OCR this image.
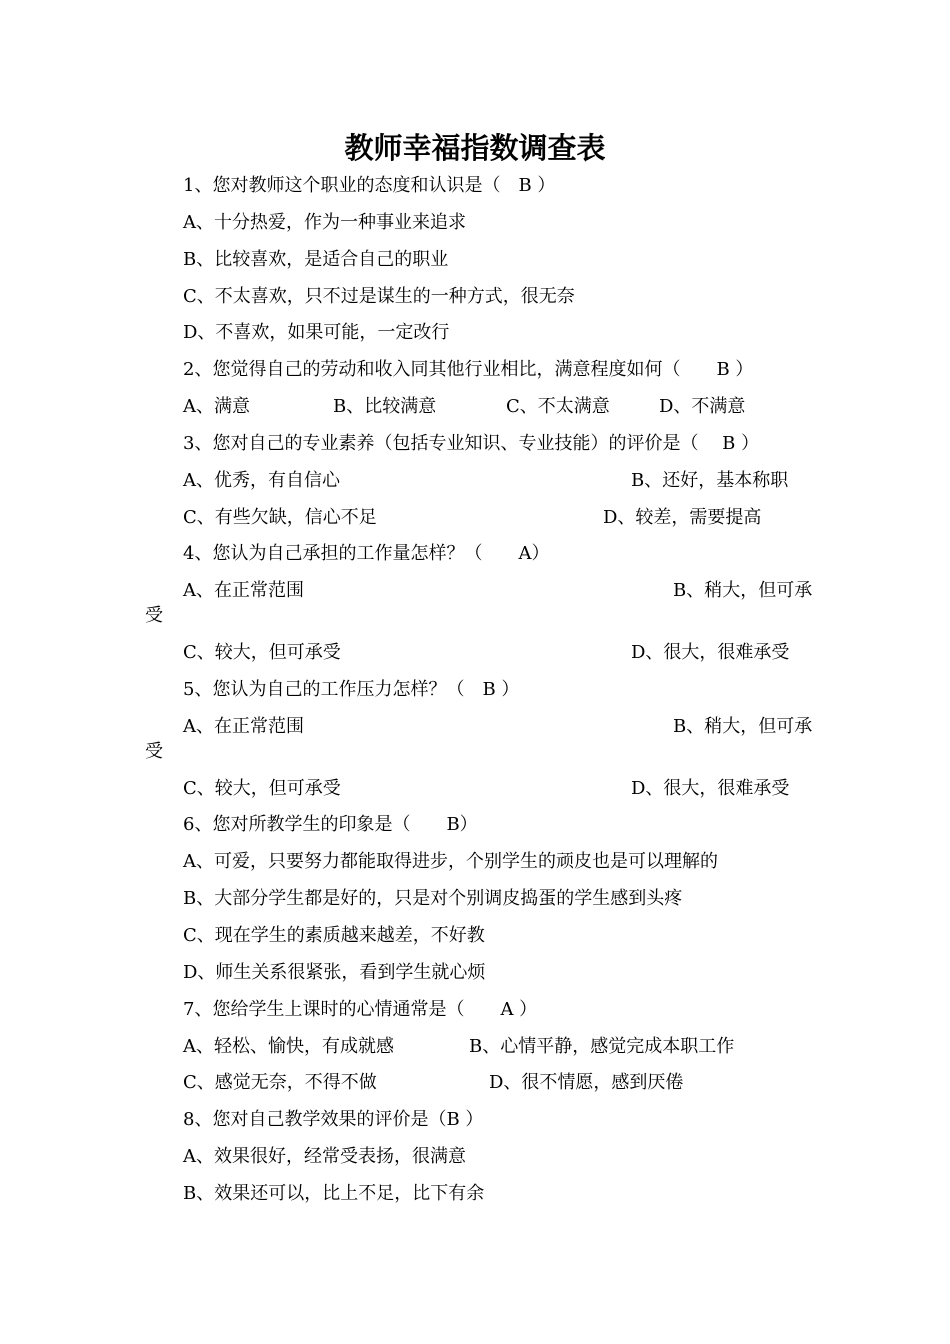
教师幸福指数调查表
1、您对教师这个职业的态度和认识是（　B ）
A、十分热爱，作为一种事业来追求
B、比较喜欢，是适合自己的职业
C、不太喜欢，只不过是谋生的一种方式，很无奈
D、不喜欢，如果可能，一定改行
2、您觉得自己的劳动和收入同其他行业相比，满意程度如何（　　B ）
A、满意	B、比较满意	C、不太满意	D、不满意
3、您对自己的专业素养（包括专业知识、专业技能）的评价是（　 B ）
A、优秀，有自信心	B、还好，基本称职
C、有些欠缺，信心不足	D、较差，需要提高
4、您认为自己承担的工作量怎样？（　　A）
A、在正常范围	B、稍大，但可承
受
C、较大，但可承受	D、很大，很难承受
5、您认为自己的工作压力怎样？（　B ）
A、在正常范围	B、稍大，但可承
受
C、较大，但可承受	D、很大，很难承受
6、您对所教学生的印象是（　　B）
A、可爱，只要努力都能取得进步，个别学生的顽皮也是可以理解的
B、大部分学生都是好的，只是对个别调皮捣蛋的学生感到头疼
C、现在学生的素质越来越差，不好教
D、师生关系很紧张，看到学生就心烦
7、您给学生上课时的心情通常是（　　A ）
A、轻松、愉快，有成就感	B、心情平静，感觉完成本职工作
C、感觉无奈，不得不做	D、很不情愿，感到厌倦
8、您对自己教学效果的评价是（B ）
A、效果很好，经常受表扬，很满意
B、效果还可以，比上不足，比下有余
